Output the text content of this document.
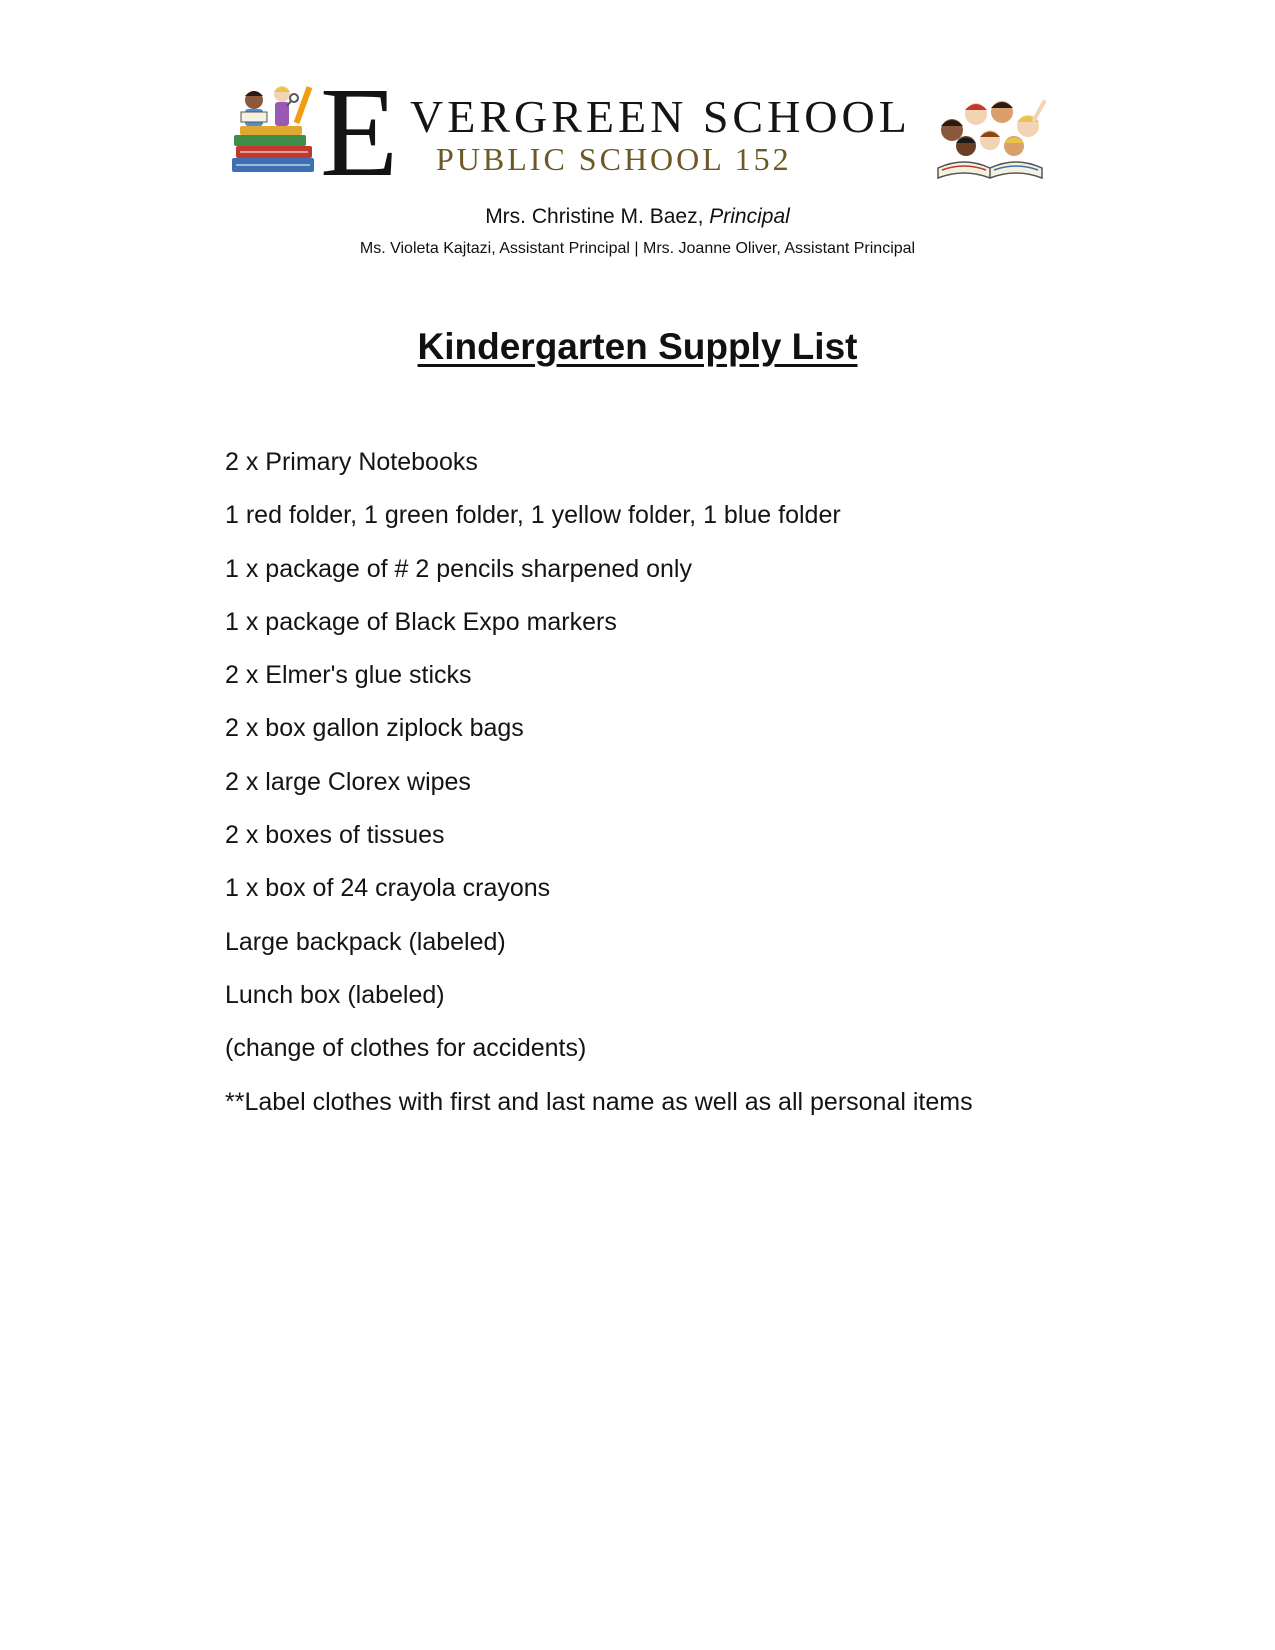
E VERGREEN SCHOOL
PUBLIC SCHOOL 152
Mrs. Christine M. Baez, Principal
Ms. Violeta Kajtazi, Assistant Principal | Mrs. Joanne Oliver, Assistant Principal
Kindergarten Supply List
2 x Primary Notebooks
1 red folder, 1 green folder, 1 yellow folder, 1 blue folder
1 x package of # 2 pencils sharpened only
1 x package of Black Expo markers
2 x Elmer's glue sticks
2 x box gallon ziplock bags
2 x large Clorex wipes
2 x boxes of tissues
1 x box of 24 crayola crayons
Large backpack (labeled)
Lunch box (labeled)
(change of clothes for accidents)
**Label clothes with first and last name as well as all personal items
